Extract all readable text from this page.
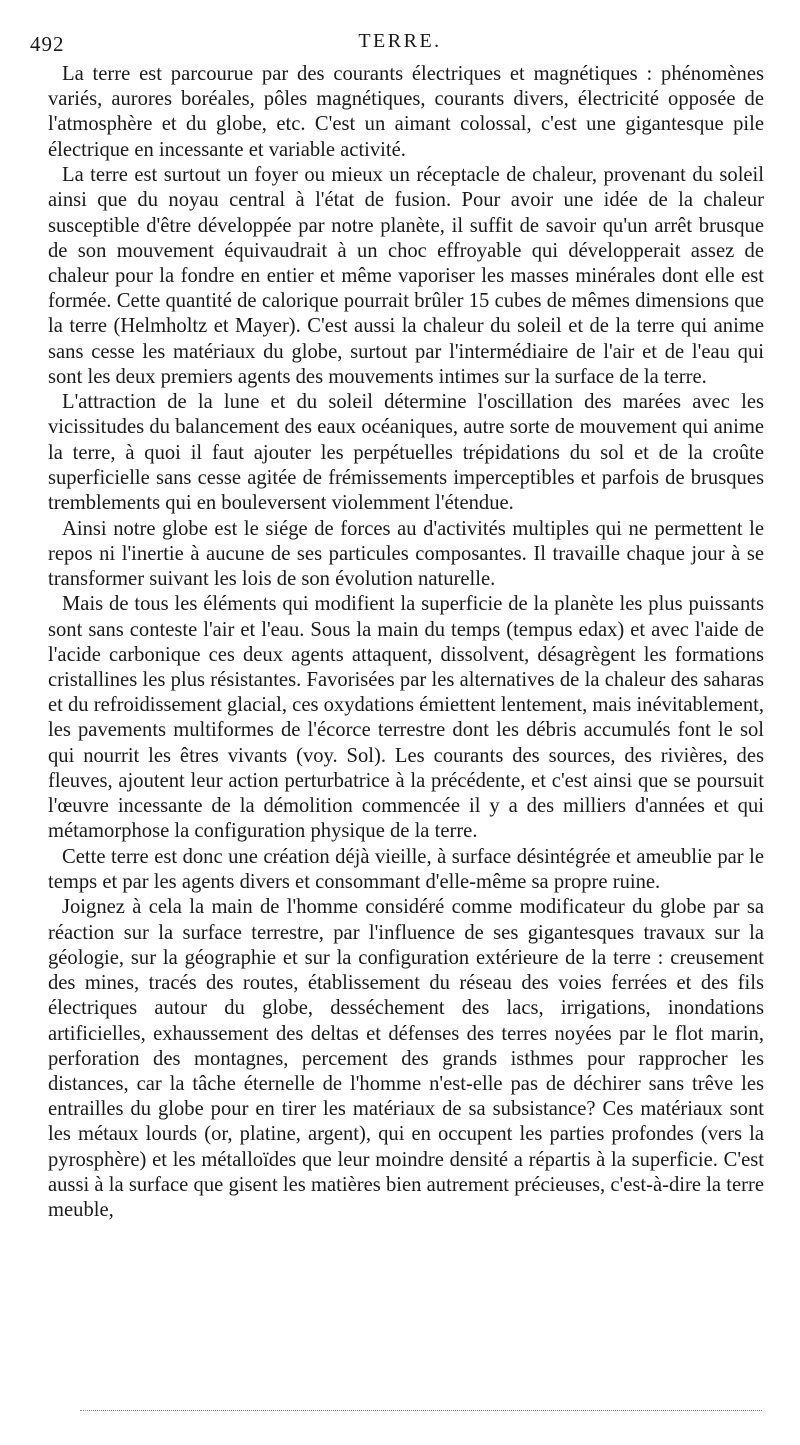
492	TERRE.

La terre est parcourue par des courants électriques et magnétiques : phénomènes variés, aurores boréales, pôles magnétiques, courants divers, électricité opposée de l'atmosphère et du globe, etc. C'est un aimant colossal, c'est une gigantesque pile électrique en incessante et variable activité.

La terre est surtout un foyer ou mieux un réceptacle de chaleur, provenant du soleil ainsi que du noyau central à l'état de fusion. Pour avoir une idée de la chaleur susceptible d'être développée par notre planète, il suffit de savoir qu'un arrêt brusque de son mouvement équivaudrait à un choc effroyable qui développerait assez de chaleur pour la fondre en entier et même vaporiser les masses minérales dont elle est formée. Cette quantité de calorique pourrait brûler 15 cubes de mêmes dimensions que la terre (Helmholtz et Mayer). C'est aussi la chaleur du soleil et de la terre qui anime sans cesse les matériaux du globe, surtout par l'intermédiaire de l'air et de l'eau qui sont les deux premiers agents des mouvements intimes sur la surface de la terre.

L'attraction de la lune et du soleil détermine l'oscillation des marées avec les vicissitudes du balancement des eaux océaniques, autre sorte de mouvement qui anime la terre, à quoi il faut ajouter les perpétuelles trépidations du sol et de la croûte superficielle sans cesse agitée de frémissements imperceptibles et parfois de brusques tremblements qui en bouleversent violemment l'étendue.

Ainsi notre globe est le siége de forces au d'activités multiples qui ne permettent le repos ni l'inertie à aucune de ses particules composantes. Il travaille chaque jour à se transformer suivant les lois de son évolution naturelle.

Mais de tous les éléments qui modifient la superficie de la planète les plus puissants sont sans conteste l'air et l'eau. Sous la main du temps (tempus edax) et avec l'aide de l'acide carbonique ces deux agents attaquent, dissolvent, désagrègent les formations cristallines les plus résistantes. Favorisées par les alternatives de la chaleur des saharas et du refroidissement glacial, ces oxydations émiettent lentement, mais inévitablement, les pavements multiformes de l'écorce terrestre dont les débris accumulés font le sol qui nourrit les êtres vivants (voy. Sol). Les courants des sources, des rivières, des fleuves, ajoutent leur action perturbatrice à la précédente, et c'est ainsi que se poursuit l'œuvre incessante de la démolition commencée il y a des milliers d'années et qui métamorphose la configuration physique de la terre.

Cette terre est donc une création déjà vieille, à surface désintégrée et ameublie par le temps et par les agents divers et consommant d'elle-même sa propre ruine.

Joignez à cela la main de l'homme considéré comme modificateur du globe par sa réaction sur la surface terrestre, par l'influence de ses gigantesques travaux sur la géologie, sur la géographie et sur la configuration extérieure de la terre : creusement des mines, tracés des routes, établissement du réseau des voies ferrées et des fils électriques autour du globe, desséchement des lacs, irrigations, inondations artificielles, exhaussement des deltas et défenses des terres noyées par le flot marin, perforation des montagnes, percement des grands isthmes pour rapprocher les distances, car la tâche éternelle de l'homme n'est-elle pas de déchirer sans trêve les entrailles du globe pour en tirer les matériaux de sa subsistance? Ces matériaux sont les métaux lourds (or, platine, argent), qui en occupent les parties profondes (vers la pyrosphère) et les métalloïdes que leur moindre densité a répartis à la superficie. C'est aussi à la surface que gisent les matières bien autrement précieuses, c'est-à-dire la terre meuble,
